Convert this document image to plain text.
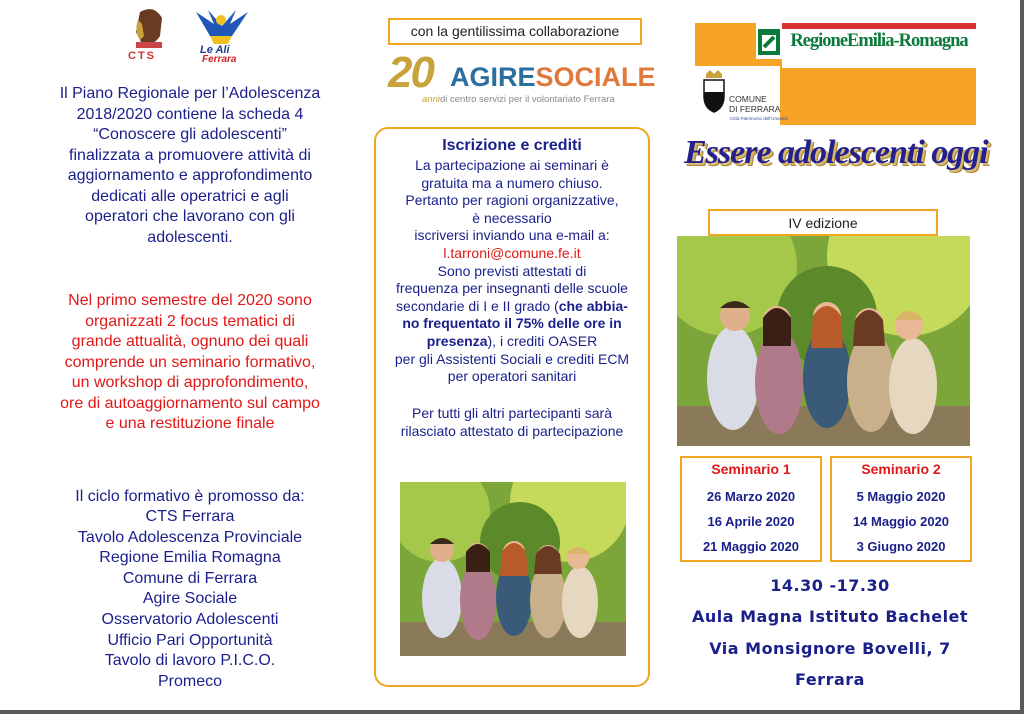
CTS	Le Ali
Ferrara
Il Piano Regionale per l’Adolescenza
2018/2020 contiene la scheda 4
“Conoscere gli adolescenti”
finalizzata a promuovere attività di
aggiornamento e approfondimento
dedicati alle operatrici e agli
operatori che lavorano con gli
adolescenti.
Nel primo semestre del 2020 sono
organizzati 2 focus tematici di
grande attualità, ognuno dei quali
comprende un seminario formativo,
un workshop di approfondimento,
ore di autoaggiornamento sul campo
e una restituzione finale
Il ciclo formativo è promosso da:
CTS Ferrara
Tavolo Adolescenza Provinciale
Regione Emilia Romagna
Comune di Ferrara
Agire Sociale
Osservatorio Adolescenti
Ufficio Pari Opportunità
Tavolo di lavoro P.I.C.O.
Promeco
con la gentilissima collaborazione
20 AGIRESOCIALE
annidi centro servizi per il volontariato Ferrara
Iscrizione e crediti
La partecipazione ai seminari è
gratuita ma a numero chiuso.
Pertanto per ragioni organizzative,
è necessario
iscriversi inviando una e-mail a:
l.tarroni@comune.fe.it
Sono previsti attestati di
frequenza per insegnanti delle scuole
secondarie di I e II grado (che abbia-
no frequentato il 75% delle ore in
presenza), i crediti OASER
per gli Assistenti Sociali e crediti ECM
per operatori sanitari
Per tutti gli altri partecipanti sarà
rilasciato attestato di partecipazione
RegioneEmilia-Romagna
COMUNE
DI FERRARA
Città Patrimonio dell’Umanità
Essere adolescenti oggi
IV edizione
Seminario 1
26 Marzo 2020
16 Aprile 2020
21 Maggio 2020
Seminario 2
5 Maggio 2020
14 Maggio 2020
3 Giugno 2020
14.30 -17.30
Aula Magna Istituto Bachelet
Via Monsignore Bovelli, 7
Ferrara
